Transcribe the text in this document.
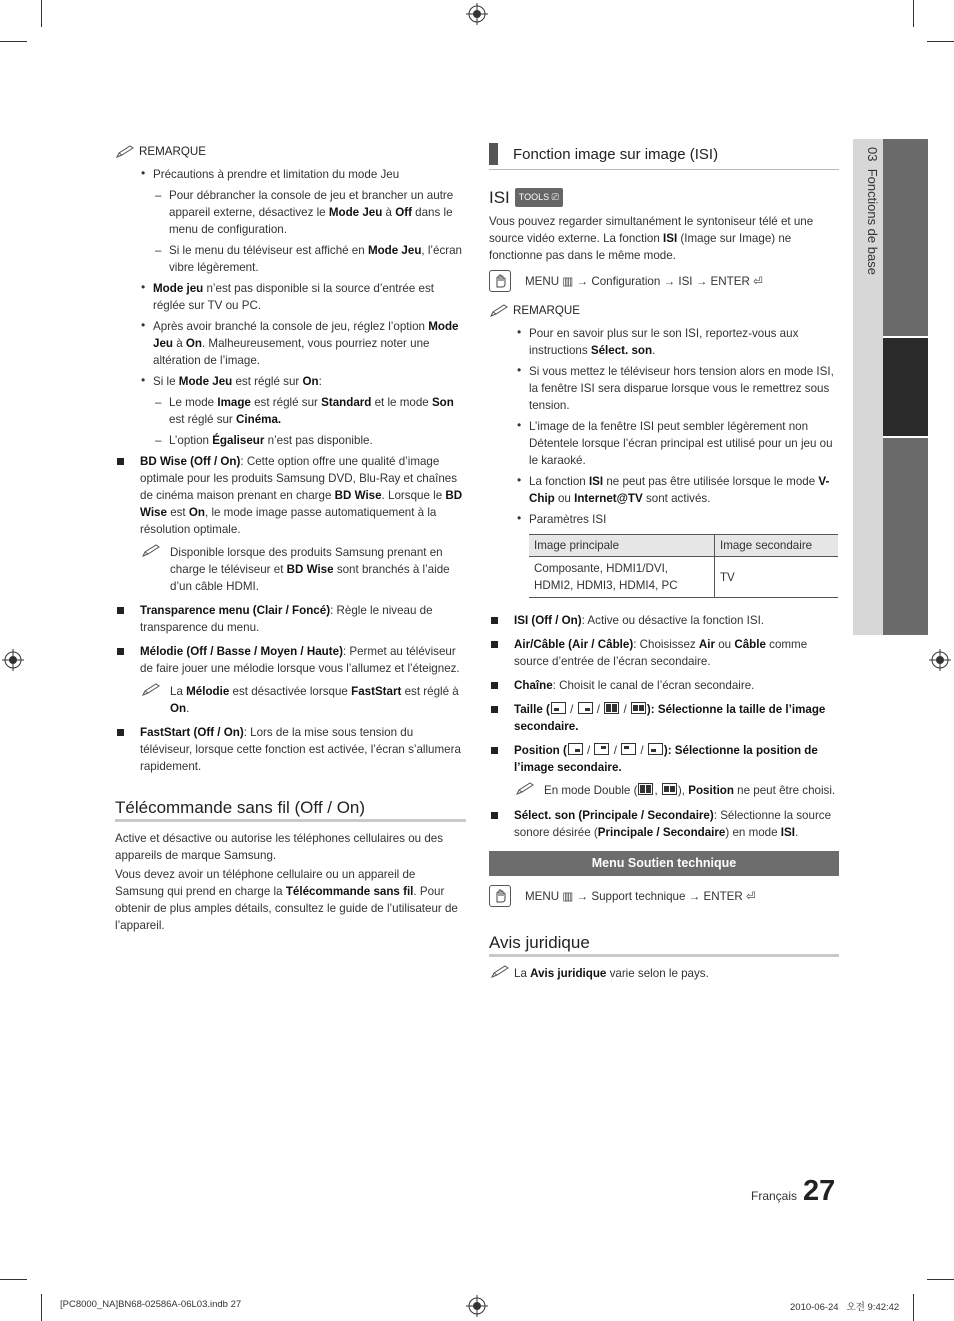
03  Fonctions de base
REMARQUE

• Précautions à prendre et limitation du mode Jeu

– Pour débrancher la console de jeu et brancher un autre appareil externe, désactivez le Mode Jeu à Off dans le menu de configuration.

– Si le menu du téléviseur est affiché en Mode Jeu, l’écran vibre légèrement.

• Mode jeu n’est pas disponible si la source d’entrée est réglée sur TV ou PC.

• Après avoir branché la console de jeu, réglez l’option Mode Jeu à On. Malheureusement, vous pourriez noter une altération de l’image.

• Si le Mode Jeu est réglé sur On:

– Le mode Image est réglé sur Standard et le mode Son est réglé sur Cinéma.

– L’option Égaliseur n’est pas disponible.

BD Wise (Off / On): Cette option offre une qualité d’image optimale pour les produits Samsung DVD, Blu-Ray et chaînes de cinéma maison prenant en charge BD Wise. Lorsque le BD Wise est On, le mode image passe automatiquement à la résolution optimale.

Disponible lorsque des produits Samsung prenant en charge le téléviseur et BD Wise sont branchés à l’aide d’un câble HDMI.

Transparence menu (Clair / Foncé): Règle le niveau de transparence du menu.

Mélodie (Off / Basse / Moyen / Haute): Permet au téléviseur de faire jouer une mélodie lorsque vous l’allumez et l’éteignez.

La Mélodie est désactivée lorsque FastStart est réglé à On.

FastStart (Off / On): Lors de la mise sous tension du téléviseur, lorsque cette fonction est activée, l’écran s’allumera rapidement.

Télécommande sans fil (Off / On)

Active et désactive ou autorise les téléphones cellulaires ou des appareils de marque Samsung.

Vous devez avoir un téléphone cellulaire ou un appareil de Samsung qui prend en charge la Télécommande sans fil. Pour obtenir de plus amples détails, consultez le guide de l’utilisateur de l’appareil.

Fonction image sur image (ISI)
ISI TOOLS ⎚

Vous pouvez regarder simultanément le syntoniseur télé et une source vidéo externe. La fonction ISI (Image sur Image) ne fonctionne pas dans le même mode.

MENU ▥ → Configuration → ISI → ENTER ⏎
REMARQUE

• Pour en savoir plus sur le son ISI, reportez-vous aux instructions Sélect. son.

• Si vous mettez le téléviseur hors tension alors en mode ISI, la fenêtre ISI sera disparue lorsque vous le remettrez sous tension.

• L’image de la fenêtre ISI peut sembler légèrement non Détentele lorsque l’écran principal est utilisé pour un jeu ou le karaoké.

• La fonction ISI ne peut pas être utilisée lorsque le mode V-Chip ou Internet@TV sont activés.

• Paramètres ISI

Image principale	Image secondaire
Composante, HDMI1/DVI,
HDMI2, HDMI3, HDMI4, PC	TV

ISI (Off / On): Active ou désactive la fonction ISI.

Air/Câble (Air / Câble): Choisissez Air ou Câble comme source d’entrée de l’écran secondaire.

Chaîne: Choisit le canal de l’écran secondaire.

Taille (
/
/
/
): Sélectionne la taille de l’image secondaire.

Position (
/
/
/
): Sélectionne la position de l’image secondaire.

En mode Double ( ,
), Position ne peut être choisi.

Sélect. son (Principale / Secondaire): Sélectionne la source sonore désirée (Principale / Secondaire) en mode ISI.

Menu Soutien technique
MENU ▥ → Support technique → ENTER ⏎
Avis juridique

La Avis juridique varie selon le pays.

Français 27
[PC8000_NA]BN68-02586A-06L03.indb 27	2010-06-24 오전 9:42:42
